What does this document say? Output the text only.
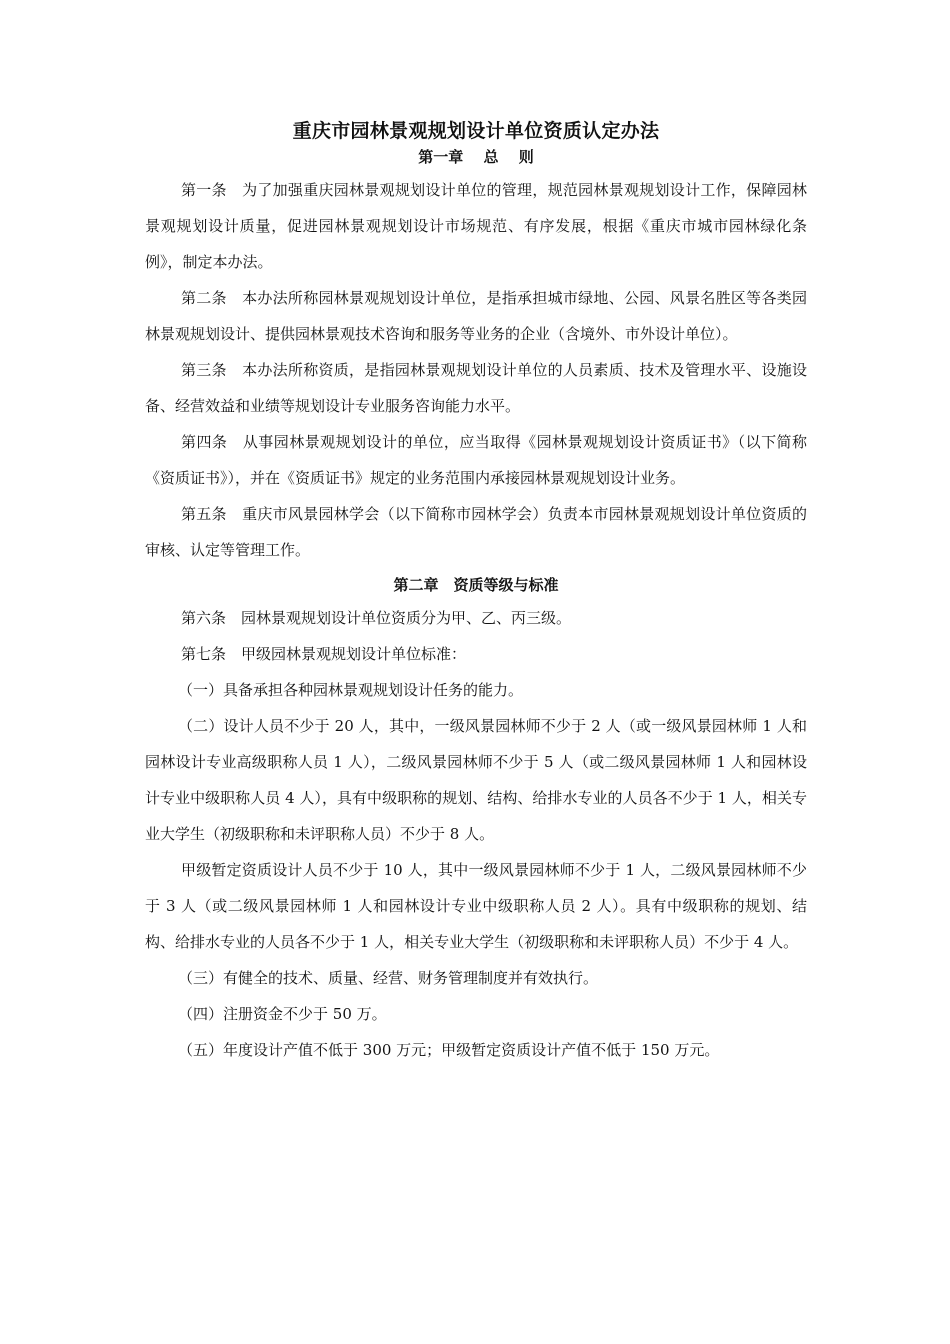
重庆市园林景观规划设计单位资质认定办法
第一章　 总　 则

第一条　为了加强重庆园林景观规划设计单位的管理，规范园林景观规划设计工作，保障园林景观规划设计质量，促进园林景观规划设计市场规范、有序发展，根据《重庆市城市园林绿化条例》，制定本办法。

第二条　本办法所称园林景观规划设计单位，是指承担城市绿地、公园、风景名胜区等各类园林景观规划设计、提供园林景观技术咨询和服务等业务的企业（含境外、市外设计单位）。

第三条　本办法所称资质，是指园林景观规划设计单位的人员素质、技术及管理水平、设施设备、经营效益和业绩等规划设计专业服务咨询能力水平。

第四条　从事园林景观规划设计的单位，应当取得《园林景观规划设计资质证书》（以下简称《资质证书》），并在《资质证书》规定的业务范围内承接园林景观规划设计业务。

第五条　重庆市风景园林学会（以下简称市园林学会）负责本市园林景观规划设计单位资质的审核、认定等管理工作。

第二章　资质等级与标准

第六条　园林景观规划设计单位资质分为甲、乙、丙三级。

第七条　甲级园林景观规划设计单位标准：

（一）具备承担各种园林景观规划设计任务的能力。

（二）设计人员不少于 20 人，其中，一级风景园林师不少于 2 人（或一级风景园林师 1 人和园林设计专业高级职称人员 1 人），二级风景园林师不少于 5 人（或二级风景园林师 1 人和园林设计专业中级职称人员 4 人），具有中级职称的规划、结构、给排水专业的人员各不少于 1 人，相关专业大学生（初级职称和未评职称人员）不少于 8 人。

甲级暂定资质设计人员不少于 10 人，其中一级风景园林师不少于 1 人，二级风景园林师不少于 3 人（或二级风景园林师 1 人和园林设计专业中级职称人员 2 人）。具有中级职称的规划、结构、给排水专业的人员各不少于 1 人，相关专业大学生（初级职称和未评职称人员）不少于 4 人。

（三）有健全的技术、质量、经营、财务管理制度并有效执行。

（四）注册资金不少于 50 万。

（五）年度设计产值不低于 300 万元；甲级暂定资质设计产值不低于 150 万元。
